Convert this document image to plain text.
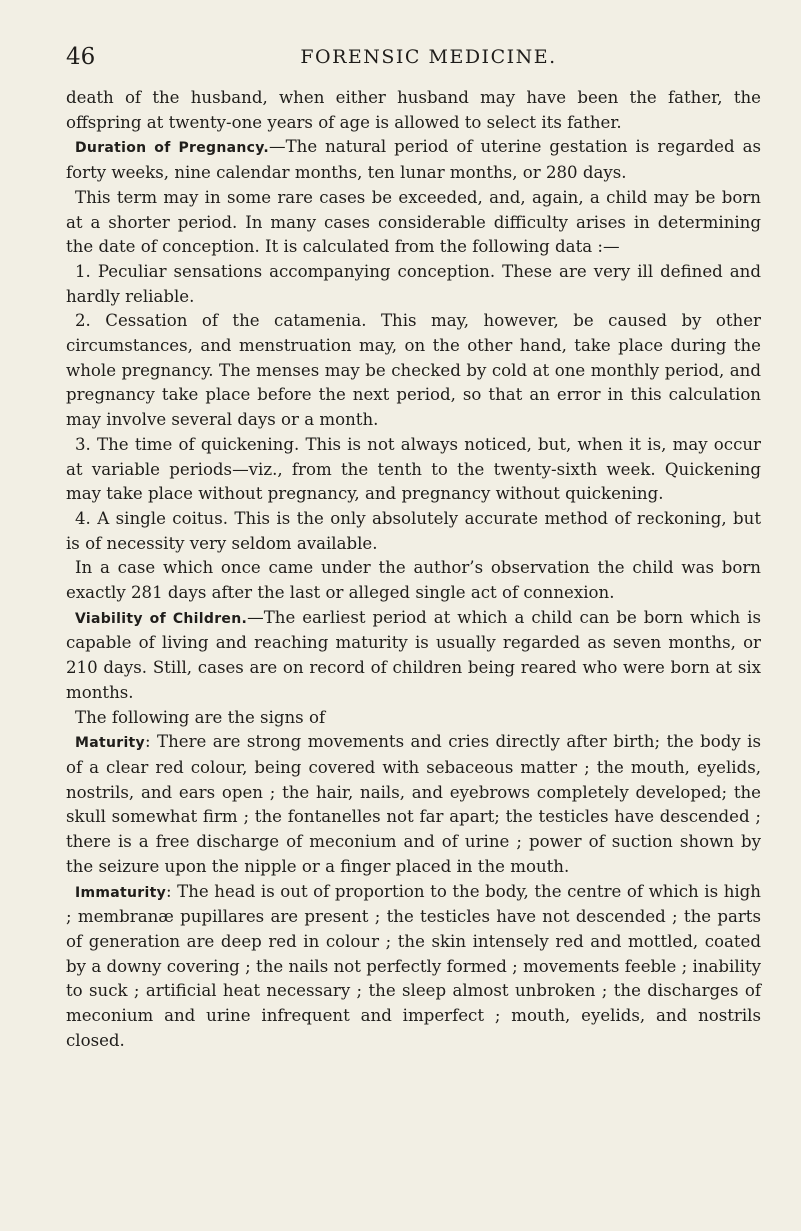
46	FORENSIC MEDICINE.

death of the husband, when either husband may have been the father, the offspring at twenty-one years of age is allowed to select its father.

Duration of Pregnancy.—The natural period of uterine gestation is regarded as forty weeks, nine calendar months, ten lunar months, or 280 days.

This term may in some rare cases be exceeded, and, again, a child may be born at a shorter period. In many cases considerable difficulty arises in determining the date of conception. It is calculated from the following data :—

1. Peculiar sensations accompanying conception. These are very ill defined and hardly reliable.

2. Cessation of the catamenia. This may, however, be caused by other circumstances, and menstruation may, on the other hand, take place during the whole pregnancy. The menses may be checked by cold at one monthly period, and pregnancy take place before the next period, so that an error in this calculation may involve several days or a month.

3. The time of quickening. This is not always noticed, but, when it is, may occur at variable periods—viz., from the tenth to the twenty-sixth week. Quickening may take place without pregnancy, and pregnancy without quickening.

4. A single coitus. This is the only absolutely accurate method of reckoning, but is of necessity very seldom available.

In a case which once came under the author’s observation the child was born exactly 281 days after the last or alleged single act of connexion.

Viability of Children.—The earliest period at which a child can be born which is capable of living and reaching maturity is usually regarded as seven months, or 210 days. Still, cases are on record of children being reared who were born at six months.

The following are the signs of

Maturity: There are strong movements and cries directly after birth; the body is of a clear red colour, being covered with sebaceous matter ; the mouth, eyelids, nostrils, and ears open ; the hair, nails, and eyebrows completely developed; the skull somewhat firm ; the fontanelles not far apart; the testicles have descended ; there is a free discharge of meconium and of urine ; power of suction shown by the seizure upon the nipple or a finger placed in the mouth.

Immaturity: The head is out of proportion to the body, the centre of which is high ; membranæ pupillares are present ; the testicles have not descended ; the parts of generation are deep red in colour ; the skin intensely red and mottled, coated by a downy covering ; the nails not perfectly formed ; movements feeble ; inability to suck ; artificial heat necessary ; the sleep almost unbroken ; the discharges of meconium and urine infrequent and imperfect ; mouth, eyelids, and nostrils closed.
